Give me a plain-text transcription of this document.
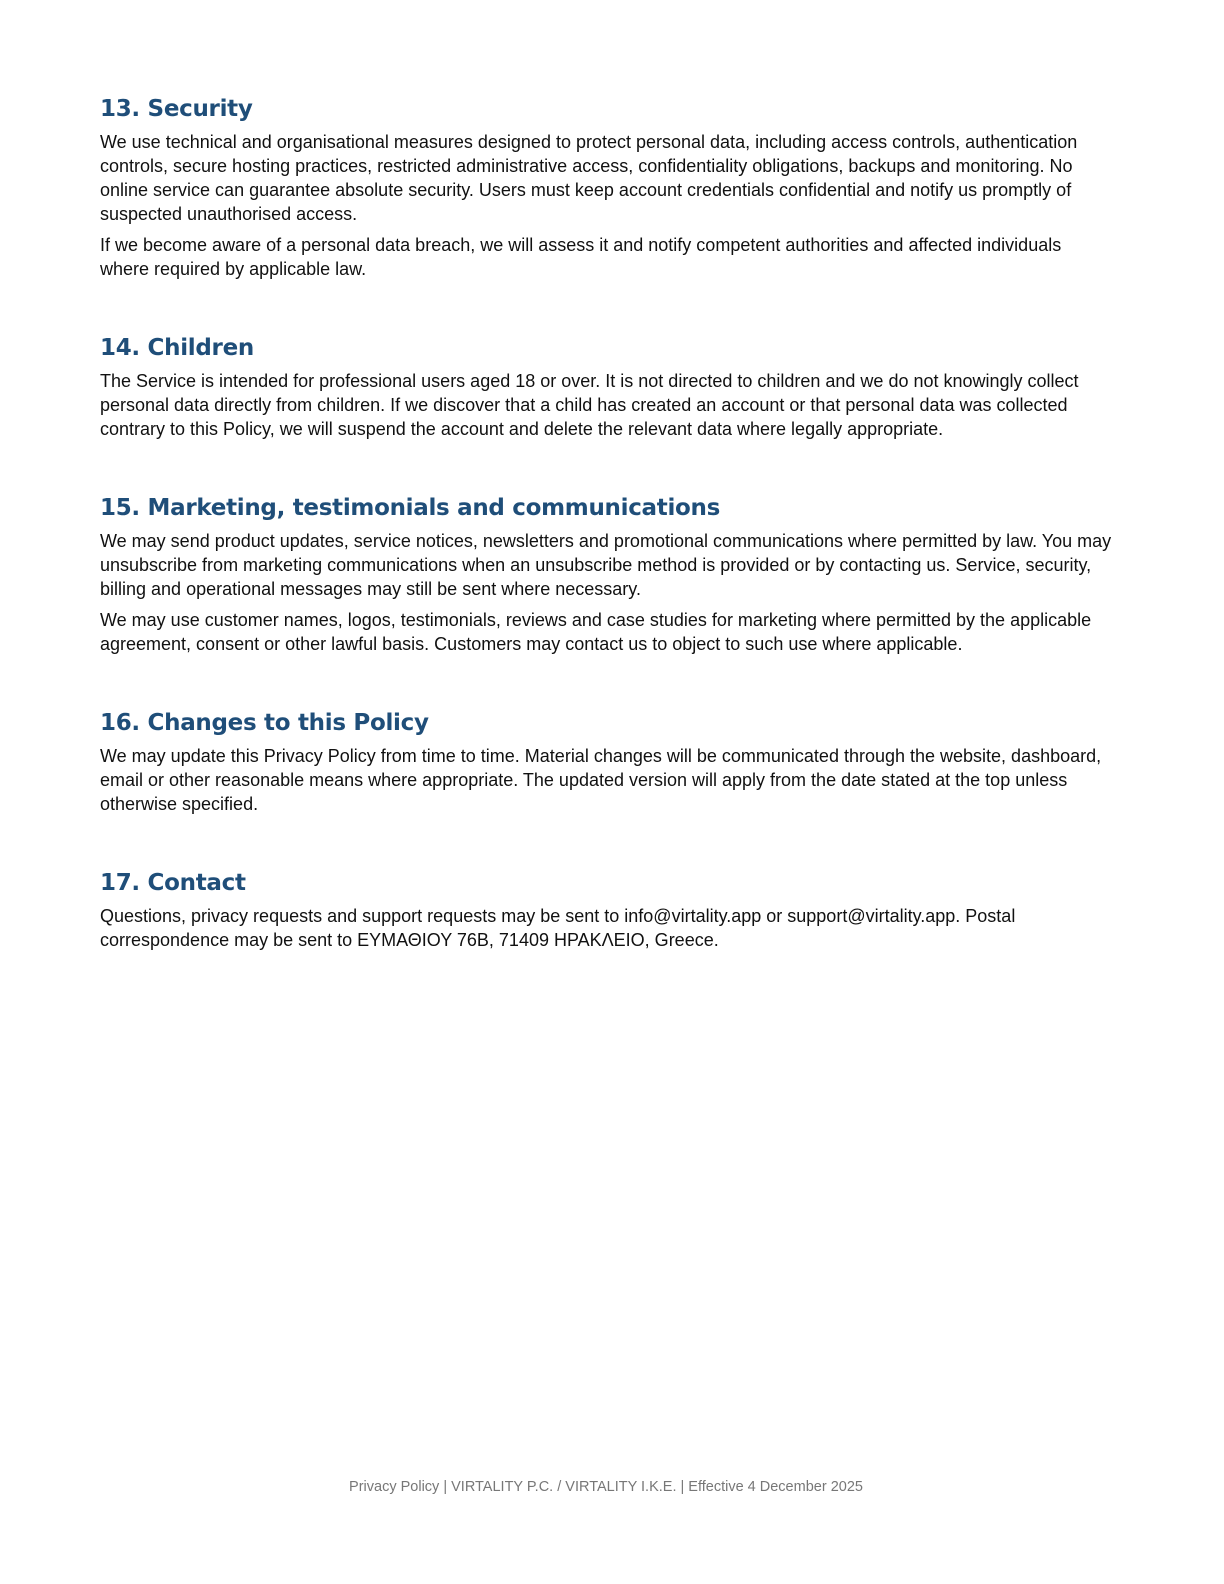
13. Security

We use technical and organisational measures designed to protect personal data, including access controls, authentication controls, secure hosting practices, restricted administrative access, confidentiality obligations, backups and monitoring. No online service can guarantee absolute security. Users must keep account credentials confidential and notify us promptly of suspected unauthorised access.

If we become aware of a personal data breach, we will assess it and notify competent authorities and affected individuals where required by applicable law.

14. Children

The Service is intended for professional users aged 18 or over. It is not directed to children and we do not knowingly collect personal data directly from children. If we discover that a child has created an account or that personal data was collected contrary to this Policy, we will suspend the account and delete the relevant data where legally appropriate.

15. Marketing, testimonials and communications

We may send product updates, service notices, newsletters and promotional communications where permitted by law. You may unsubscribe from marketing communications when an unsubscribe method is provided or by contacting us. Service, security, billing and operational messages may still be sent where necessary.

We may use customer names, logos, testimonials, reviews and case studies for marketing where permitted by the applicable agreement, consent or other lawful basis. Customers may contact us to object to such use where applicable.

16. Changes to this Policy

We may update this Privacy Policy from time to time. Material changes will be communicated through the website, dashboard, email or other reasonable means where appropriate. The updated version will apply from the date stated at the top unless otherwise specified.

17. Contact

Questions, privacy requests and support requests may be sent to info@virtality.app or support@virtality.app. Postal correspondence may be sent to ΕΥΜΑΘΙΟΥ 76Β, 71409 ΗΡΑΚΛΕΙΟ, Greece.

Privacy Policy | VIRTALITY P.C. / VIRTALITY I.K.E. | Effective 4 December 2025
